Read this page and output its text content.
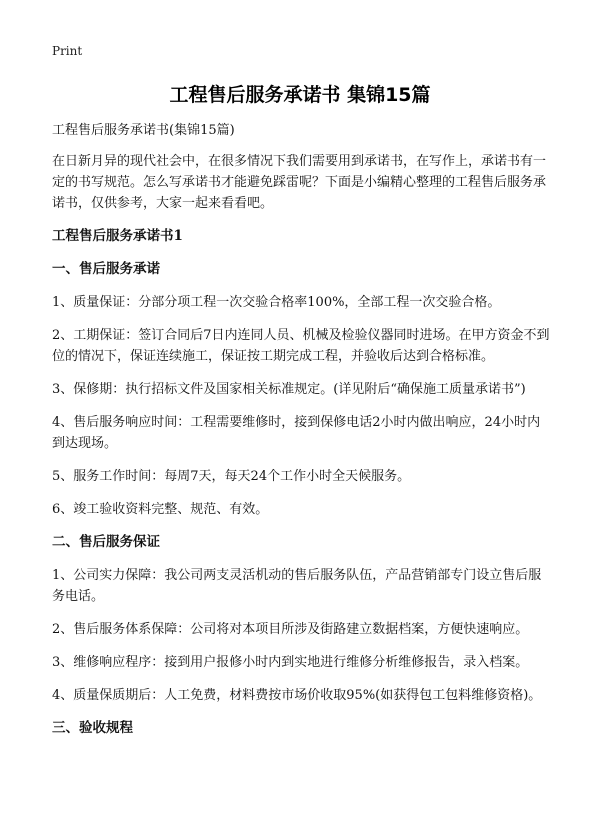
Print
工程售后服务承诺书 集锦15篇

工程售后服务承诺书(集锦15篇)

在日新月异的现代社会中，在很多情况下我们需要用到承诺书，在写作上，承诺书有一定的书写规范。怎么写承诺书才能避免踩雷呢？下面是小编精心整理的工程售后服务承诺书，仅供参考，大家一起来看看吧。

工程售后服务承诺书1
一、售后服务承诺

1、质量保证：分部分项工程一次交验合格率100%，全部工程一次交验合格。

2、工期保证：签订合同后7日内连同人员、机械及检验仪器同时进场。在甲方资金不到位的情况下，保证连续施工，保证按工期完成工程，并验收后达到合格标准。

3、保修期：执行招标文件及国家相关标准规定。(详见附后“确保施工质量承诺书”)

4、售后服务响应时间：工程需要维修时，接到保修电话2小时内做出响应，24小时内到达现场。

5、服务工作时间：每周7天，每天24个工作小时全天候服务。

6、竣工验收资料完整、规范、有效。

二、售后服务保证

1、公司实力保障：我公司两支灵活机动的售后服务队伍，产品营销部专门设立售后服务电话。

2、售后服务体系保障：公司将对本项目所涉及街路建立数据档案，方便快速响应。

3、维修响应程序：接到用户报修小时内到实地进行维修分析维修报告，录入档案。

4、质量保质期后：人工免费，材料费按市场价收取95%(如获得包工包料维修资格)。

三、验收规程
